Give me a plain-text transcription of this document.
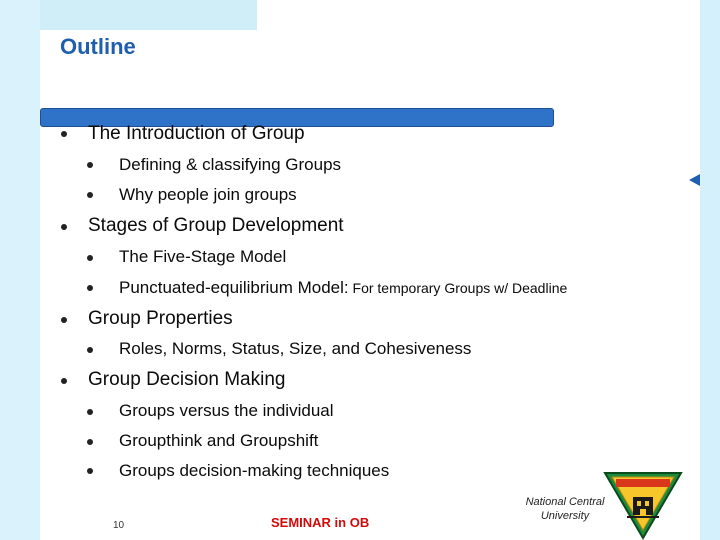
Outline
The Introduction of Group
Defining & classifying Groups
Why people join groups
Stages of Group Development
The Five-Stage Model
Punctuated-equilibrium Model: For temporary Groups w/ Deadline
Group Properties
Roles, Norms, Status, Size, and Cohesiveness
Group Decision Making
Groups versus the individual
Groupthink and Groupshift
Groups decision-making techniques
10	SEMINAR in OB
National Central
University
